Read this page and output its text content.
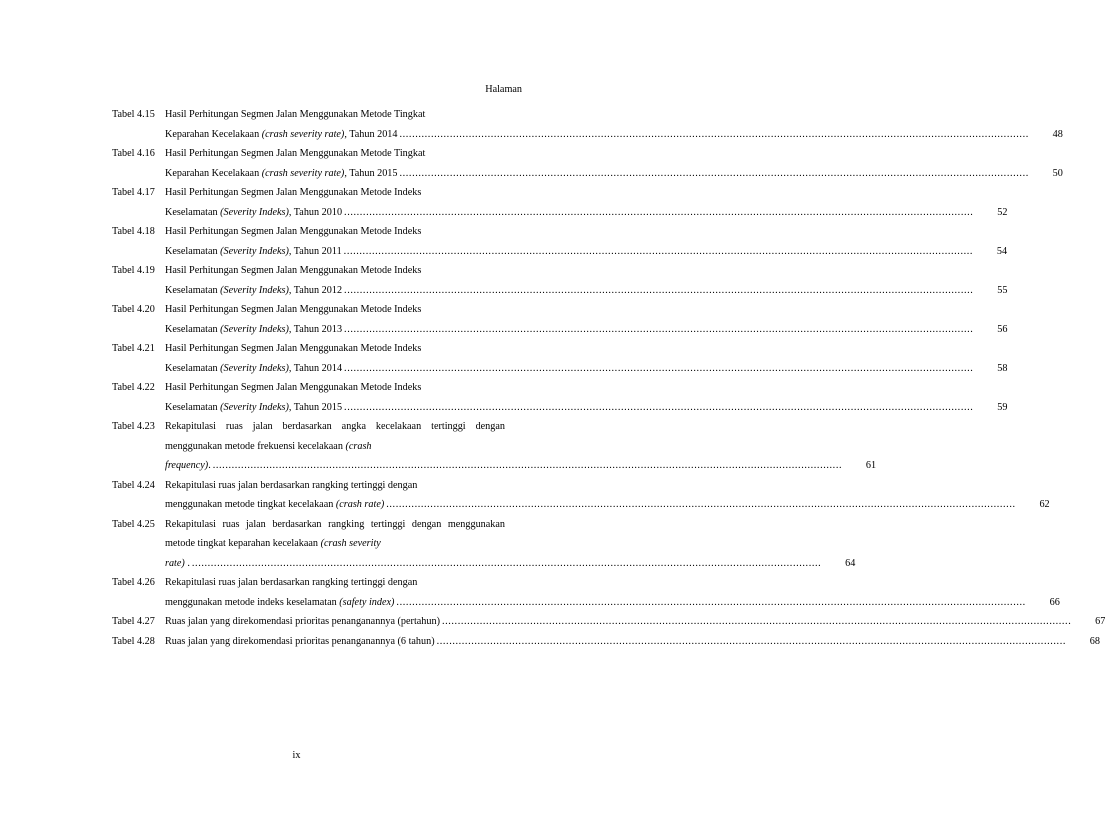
Halaman
Tabel 4.15 Hasil Perhitungan Segmen Jalan Menggunakan Metode Tingkat
Keparahan Kecelakaan (crash severity rate), Tahun 2014 ........................................................................................................................................................................................................	48
Tabel 4.16 Hasil Perhitungan Segmen Jalan Menggunakan Metode Tingkat
Keparahan Kecelakaan (crash severity rate), Tahun 2015 ........................................................................................................................................................................................................	50
Tabel 4.17 Hasil Perhitungan Segmen Jalan Menggunakan Metode Indeks
Keselamatan (Severity Indeks), Tahun 2010 ........................................................................................................................................................................................................	52
Tabel 4.18 Hasil Perhitungan Segmen Jalan Menggunakan Metode Indeks
Keselamatan (Severity Indeks), Tahun 2011 ........................................................................................................................................................................................................	54
Tabel 4.19 Hasil Perhitungan Segmen Jalan Menggunakan Metode Indeks
Keselamatan (Severity Indeks), Tahun 2012 ........................................................................................................................................................................................................	55
Tabel 4.20 Hasil Perhitungan Segmen Jalan Menggunakan Metode Indeks
Keselamatan (Severity Indeks), Tahun 2013 ........................................................................................................................................................................................................	56
Tabel 4.21 Hasil Perhitungan Segmen Jalan Menggunakan Metode Indeks
Keselamatan (Severity Indeks), Tahun 2014 ........................................................................................................................................................................................................	58
Tabel 4.22 Hasil Perhitungan Segmen Jalan Menggunakan Metode Indeks
Keselamatan (Severity Indeks), Tahun 2015 ........................................................................................................................................................................................................	59
Tabel 4.23 Rekapitulasi ruas jalan berdasarkan angka kecelakaan tertinggi dengan menggunakan metode frekuensi kecelakaan (crash
frequency). ........................................................................................................................................................................................................	61
Tabel 4.24 Rekapitulasi ruas jalan berdasarkan rangking tertinggi dengan
menggunakan metode tingkat kecelakaan (crash rate) ........................................................................................................................................................................................................	62
Tabel 4.25 Rekapitulasi ruas jalan berdasarkan rangking tertinggi dengan menggunakan metode tingkat keparahan kecelakaan (crash severity
rate) . ........................................................................................................................................................................................................	64
Tabel 4.26 Rekapitulasi ruas jalan berdasarkan rangking tertinggi dengan
menggunakan metode indeks keselamatan (safety index) ........................................................................................................................................................................................................	66
Tabel 4.27 Ruas jalan yang direkomendasi prioritas penanganannya (pertahun) ........................................................................................................................................................................................................	67
Tabel 4.28 Ruas jalan yang direkomendasi prioritas penanganannya (6 tahun) ........................................................................................................................................................................................................	68
ix
